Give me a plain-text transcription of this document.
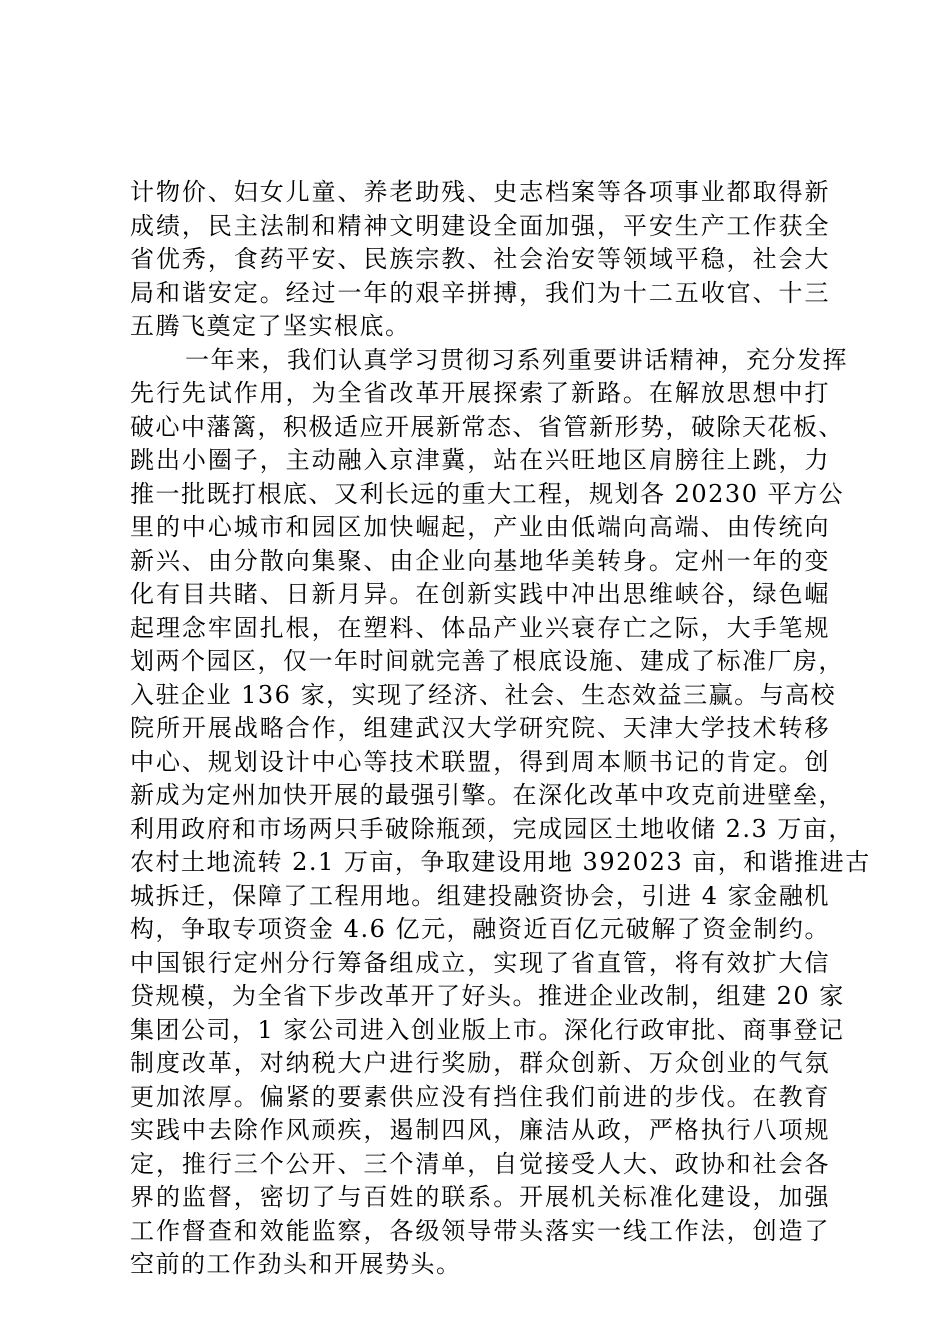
计物价、妇女儿童、养老助残、史志档案等各项事业都取得新
成绩，民主法制和精神文明建设全面加强，平安生产工作获全
省优秀，食药平安、民族宗教、社会治安等领域平稳，社会大
局和谐安定。经过一年的艰辛拼搏，我们为十二五收官、十三
五腾飞奠定了坚实根底。
一年来，我们认真学习贯彻习系列重要讲话精神，充分发挥
先行先试作用，为全省改革开展探索了新路。在解放思想中打
破心中藩篱，积极适应开展新常态、省管新形势，破除天花板、
跳出小圈子，主动融入京津冀，站在兴旺地区肩膀往上跳，力
推一批既打根底、又利长远的重大工程，规划各 20230 平方公
里的中心城市和园区加快崛起，产业由低端向高端、由传统向
新兴、由分散向集聚、由企业向基地华美转身。定州一年的变
化有目共睹、日新月异。在创新实践中冲出思维峡谷，绿色崛
起理念牢固扎根，在塑料、体品产业兴衰存亡之际，大手笔规
划两个园区，仅一年时间就完善了根底设施、建成了标准厂房，
入驻企业 136 家，实现了经济、社会、生态效益三赢。与高校
院所开展战略合作，组建武汉大学研究院、天津大学技术转移
中心、规划设计中心等技术联盟，得到周本顺书记的肯定。创
新成为定州加快开展的最强引擎。在深化改革中攻克前进壁垒，
利用政府和市场两只手破除瓶颈，完成园区土地收储 2.3 万亩，
农村土地流转 2.1 万亩，争取建设用地 392023 亩，和谐推进古
城拆迁，保障了工程用地。组建投融资协会，引进 4 家金融机
构，争取专项资金 4.6 亿元，融资近百亿元破解了资金制约。
中国银行定州分行筹备组成立，实现了省直管，将有效扩大信
贷规模，为全省下步改革开了好头。推进企业改制，组建 20 家
集团公司，1 家公司进入创业版上市。深化行政审批、商事登记
制度改革，对纳税大户进行奖励，群众创新、万众创业的气氛
更加浓厚。偏紧的要素供应没有挡住我们前进的步伐。在教育
实践中去除作风顽疾，遏制四风，廉洁从政，严格执行八项规
定，推行三个公开、三个清单，自觉接受人大、政协和社会各
界的监督，密切了与百姓的联系。开展机关标准化建设，加强
工作督查和效能监察，各级领导带头落实一线工作法，创造了
空前的工作劲头和开展势头。
